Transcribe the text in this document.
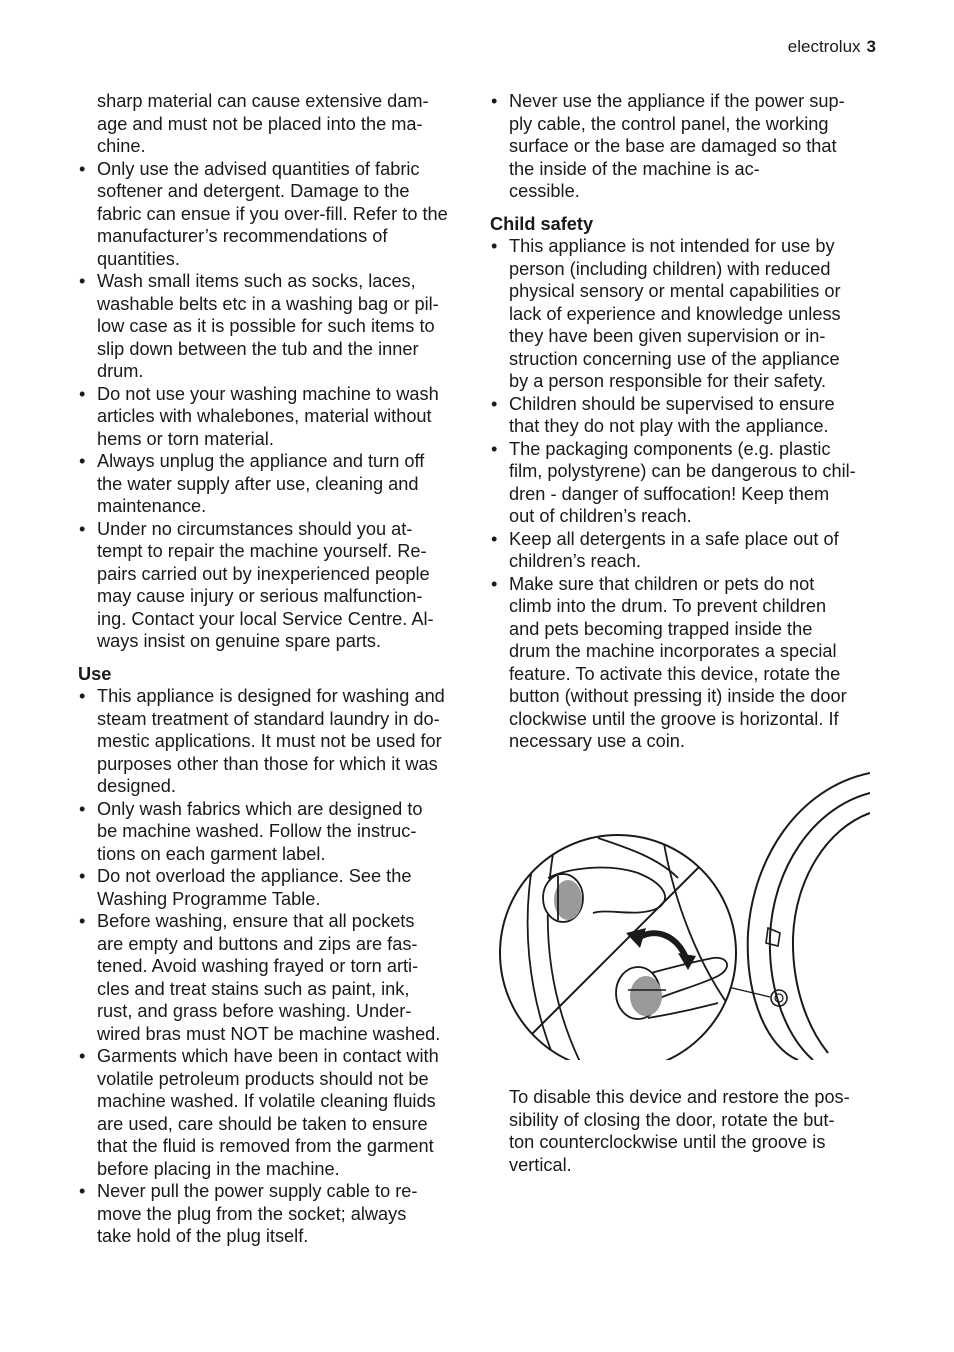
electrolux 3

sharp material can cause extensive dam-
age and must not be placed into the ma-
chine.

• Only use the advised quantities of fabric
softener and detergent. Damage to the
fabric can ensue if you over-fill. Refer to the
manufacturer’s recommendations of
quantities.
• Wash small items such as socks, laces,
washable belts etc in a washing bag or pil-
low case as it is possible for such items to
slip down between the tub and the inner
drum.
• Do not use your washing machine to wash
articles with whalebones, material without
hems or torn material.
• Always unplug the appliance and turn off
the water supply after use, cleaning and
maintenance.
• Under no circumstances should you at-
tempt to repair the machine yourself. Re-
pairs carried out by inexperienced people
may cause injury or serious malfunction-
ing. Contact your local Service Centre. Al-
ways insist on genuine spare parts.
Use
• This appliance is designed for washing and
steam treatment of standard laundry in do-
mestic applications. It must not be used for
purposes other than those for which it was
designed.
• Only wash fabrics which are designed to
be machine washed. Follow the instruc-
tions on each garment label.
• Do not overload the appliance. See the
Washing Programme Table.
• Before washing, ensure that all pockets
are empty and buttons and zips are fas-
tened. Avoid washing frayed or torn arti-
cles and treat stains such as paint, ink,
rust, and grass before washing. Under-
wired bras must NOT be machine washed.
• Garments which have been in contact with
volatile petroleum products should not be
machine washed. If volatile cleaning fluids
are used, care should be taken to ensure
that the fluid is removed from the garment
before placing in the machine.
• Never pull the power supply cable to re-
move the plug from the socket; always
take hold of the plug itself.
• Never use the appliance if the power sup-
ply cable, the control panel, the working
surface or the base are damaged so that
the inside of the machine is ac-
cessible.
Child safety
• This appliance is not intended for use by
person (including children) with reduced
physical sensory or mental capabilities or
lack of experience and knowledge unless
they have been given supervision or in-
struction concerning use of the appliance
by a person responsible for their safety.
• Children should be supervised to ensure
that they do not play with the appliance.
• The packaging components (e.g. plastic
film, polystyrene) can be dangerous to chil-
dren - danger of suffocation! Keep them
out of children’s reach.
• Keep all detergents in a safe place out of
children’s reach.
• Make sure that children or pets do not
climb into the drum. To prevent children
and pets becoming trapped inside the
drum the machine incorporates a special
feature. To activate this device, rotate the
button (without pressing it) inside the door
clockwise until the groove is horizontal. If
necessary use a coin.

To disable this device and restore the pos-
sibility of closing the door, rotate the but-
ton counterclockwise until the groove is
vertical.
